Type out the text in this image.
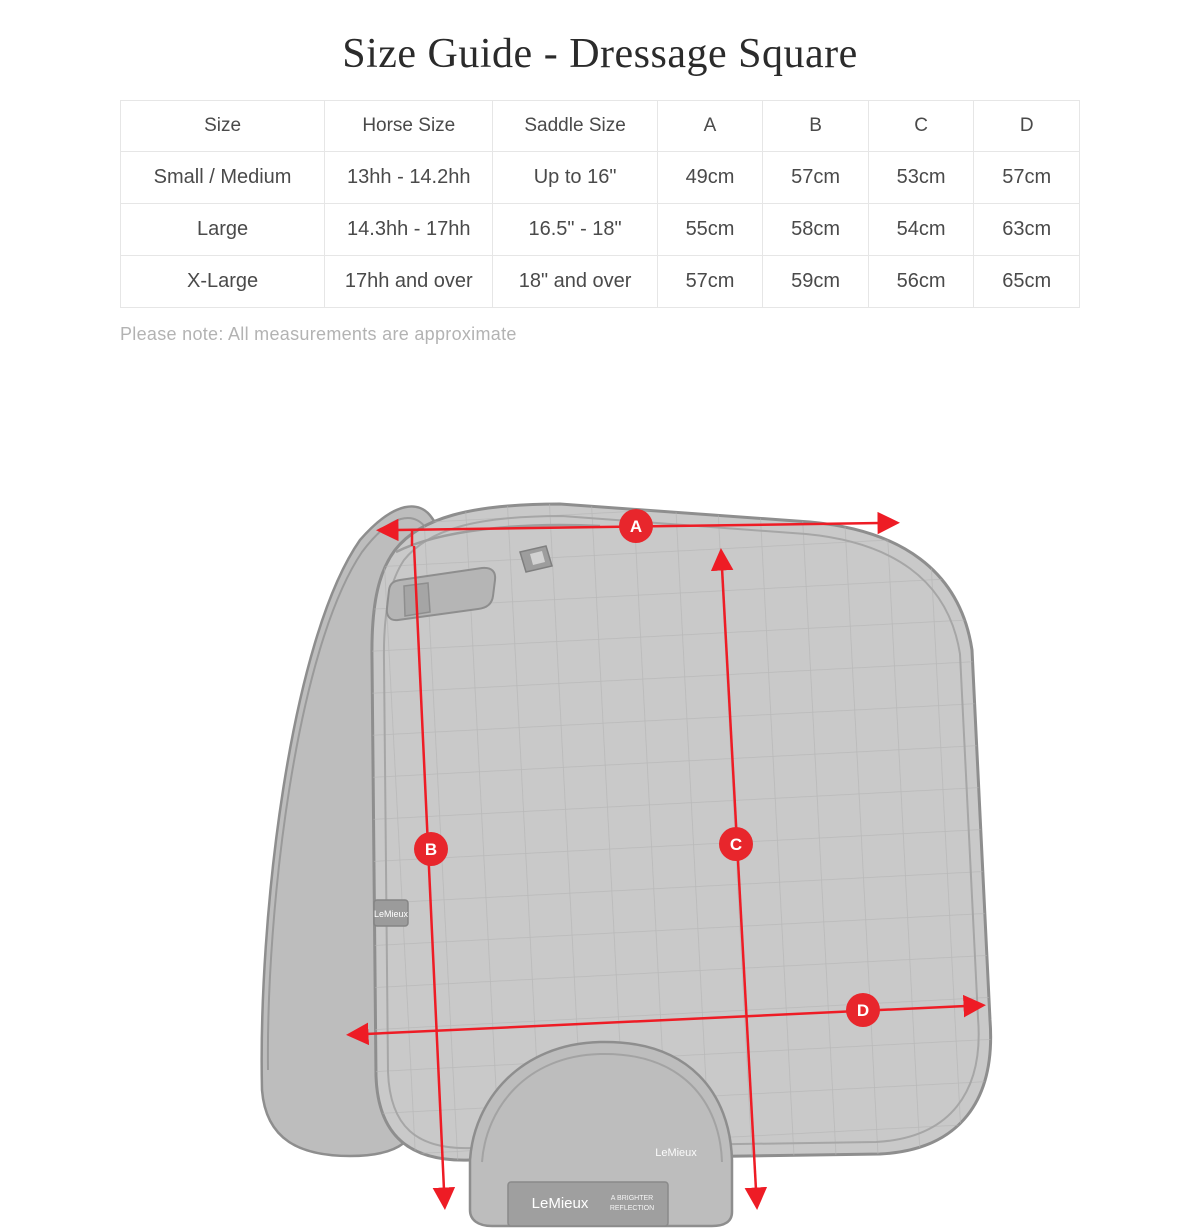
Size Guide - Dressage Square
Size	Horse Size	Saddle Size	A	B	C	D
Small / Medium	13hh - 14.2hh	Up to 16"	49cm	57cm	53cm	57cm
Large	14.3hh - 17hh	16.5" - 18"	55cm	58cm	54cm	63cm
X-Large	17hh and over	18" and over	57cm	59cm	56cm	65cm
Please note: All measurements are approximate
LeMieux
LeMieux
LeMieux	A BRIGHTER
REFLECTION
A
B	C
D
